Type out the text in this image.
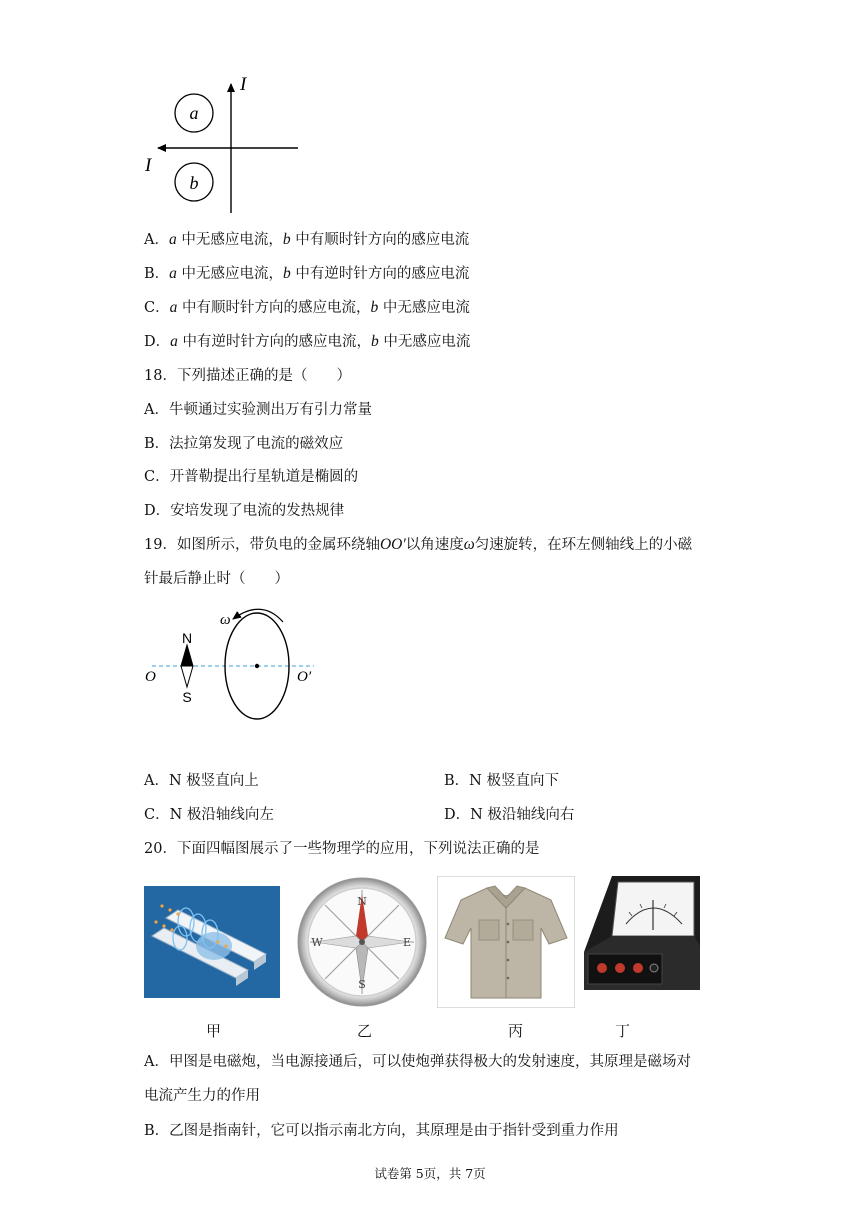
a
b
I
I
A．a 中无感应电流，b 中有顺时针方向的感应电流
B．a 中无感应电流，b 中有逆时针方向的感应电流
C．a 中有顺时针方向的感应电流，b 中无感应电流
D．a 中有逆时针方向的感应电流，b 中无感应电流
18．下列描述正确的是（　　）
A．牛顿通过实验测出万有引力常量
B．法拉第发现了电流的磁效应
C．开普勒提出行星轨道是椭圆的
D．安培发现了电流的发热规律
19．如图所示，带负电的金属环绕轴OO′以角速度ω匀速旋转，在环左侧轴线上的小磁
针最后静止时（　　）
ω
N
S
O	O′
A．N 极竖直向上	B．N 极竖直向下
C．N 极沿轴线向左	D．N 极沿轴线向右
20．下面四幅图展示了一些物理学的应用，下列说法正确的是
N
S
W	E
甲	乙	丙	丁
A．甲图是电磁炮，当电源接通后，可以使炮弹获得极大的发射速度，其原理是磁场对
电流产生力的作用
B．乙图是指南针，它可以指示南北方向，其原理是由于指针受到重力作用
试卷第 5页，共 7页
